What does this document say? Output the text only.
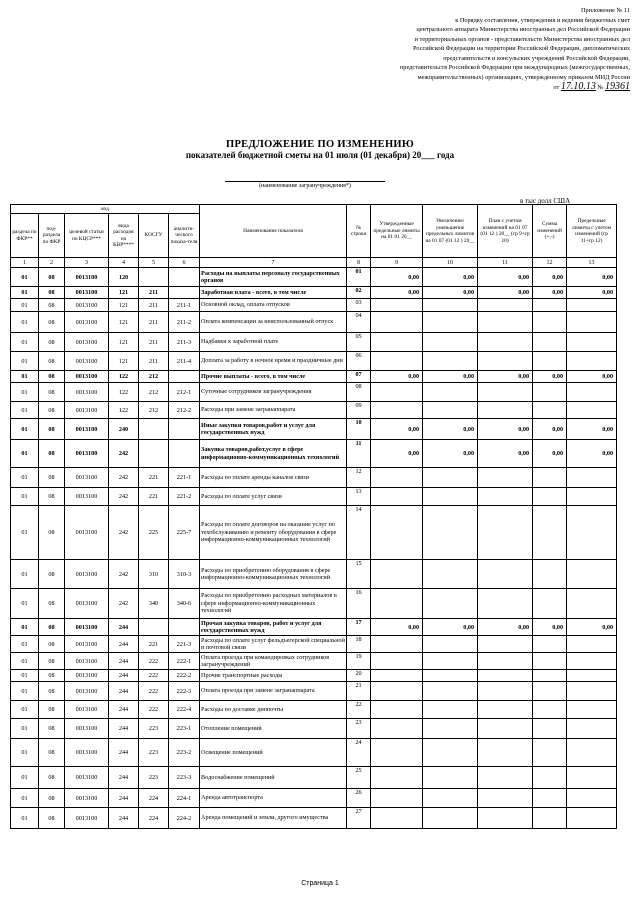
Приложение № 11
к Порядку составления, утверждения и ведения бюджетных смет
центрального аппарата Министерства иностранных дел Российской Федерации
и территориальных органов - представительств Министерства иностранных дел
Российской Федерации на территории Российской Федерации, дипломатических
представительств и консульских учреждений Российской Федерации,
представительств Российской Федерации при международных (межгосударственных,
межправительственных) организациях, утвержденному приказом МИД России
от 17.10.13 № 19361
ПРЕДЛОЖЕНИЕ ПО ИЗМЕНЕНИЮ
показателей бюджетной сметы на 01 июля (01 декабря) 20___ года
(наименование загранучреждения*)
в тыс долл США
код						Наименование показателя	№ строки	Утвержденные предельные лимиты на 01 01 20__	Увеличение/ уменьшение предельных лимитов на 01 07 (01 12 ) 20__	План с учетом изменений на 01 07 (01 12 ) 20__ (гр 9+гр 10)	Сумма изменений (+,-)	Предельные лимиты с учетом изменений (гр 11+гр 12)
раздела по ФКР**	под-раздела по ФКР	целевой статьи по КЦСР***	вида расходов по КВР****	КОСГУ	аналити-ческого показа-теля							
1	2	3	4	5	6	7	8	9	10	11	12	13
01	08	0013100	120			Расходы на выплаты персоналу государственных органов	01	0,00	0,00	0,00	0,00	0,00
01	08	0013100	121	211		Заработная плата - всего, в том числе	02	0,00	0,00	0,00	0,00	0,00
01	08	0013100	121	211	211-1	Основной оклад, оплата отпусков	03					
01	08	0013100	121	211	211-2	Оплата компенсации за неиспользованный отпуск	04					
01	08	0013100	121	211	211-3	Надбавки к заработной плате	05					
01	08	0013100	121	211	211-4	Доплата за работу в ночное время и праздничные дни	06					
01	08	0013100	122	212		Прочие выплаты - всего, в том числе	07	0,00	0,00	0,00	0,00	0,00
01	08	0013100	122	212	212-1	Суточные сотрудников загранучреждения	08					
01	08	0013100	122	212	212-2	Расходы при замене загранаппарата	09					
01	08	0013100	240			Иные закупки товаров,работ и услуг для государственных нужд	10	0,00	0,00	0,00	0,00	0,00
01	08	0013100	242			Закупка товаров,работ,услуг в сфере информационно-коммуникационных технологий	11	0,00	0,00	0,00	0,00	0,00
01	08	0013100	242	221	221-1	Расходы по оплате аренды каналов связи	12					
01	08	0013100	242	221	221-2	Расходы по оплате услуг связи	13					
01	08	0013100	242	225	225-7	Расходы по оплате договоров на оказание услуг по техобслуживанию и ремонту оборудования в сфере информационно-коммуникационных технологий	14					
01	08	0013100	242	310	310-3	Расходы по приобретению оборудования в сфере информационно-коммуникационных технологий	15					
01	08	0013100	242	340	340-6	Расходы по приобретению расходных материалов в сфере информационно-коммуникационных технологий	16					
01	08	0013100	244			Прочая закупка товаров, работ и услуг для государственных нужд	17	0,00	0,00	0,00	0,00	0,00
01	08	0013100	244	221	221-3	Расходы по оплате услуг фельдъегерской специальной и почтовой связи	18					
01	08	0013100	244	222	222-1	Оплата проезда при командировках сотрудников загранучреждений	19					
01	08	0013100	244	222	222-2	Прочие транспортные расходы	20					
01	08	0013100	244	222	222-3	Оплата проезда при замене загранаппарата	21					
01	08	0013100	244	222	222-4	Расходы по доставке диппочты	22					
01	08	0013100	244	223	223-1	Отопление помещений	23					
01	08	0013100	244	223	223-2	Освещение помещений	24					
01	08	0013100	244	223	223-3	Водоснабжение помещений	25					
01	08	0013100	244	224	224-1	Аренда автотранспорта	26					
01	08	0013100	244	224	224-2	Аренда помещений и земли, другого имущества	27					
Страница 1
